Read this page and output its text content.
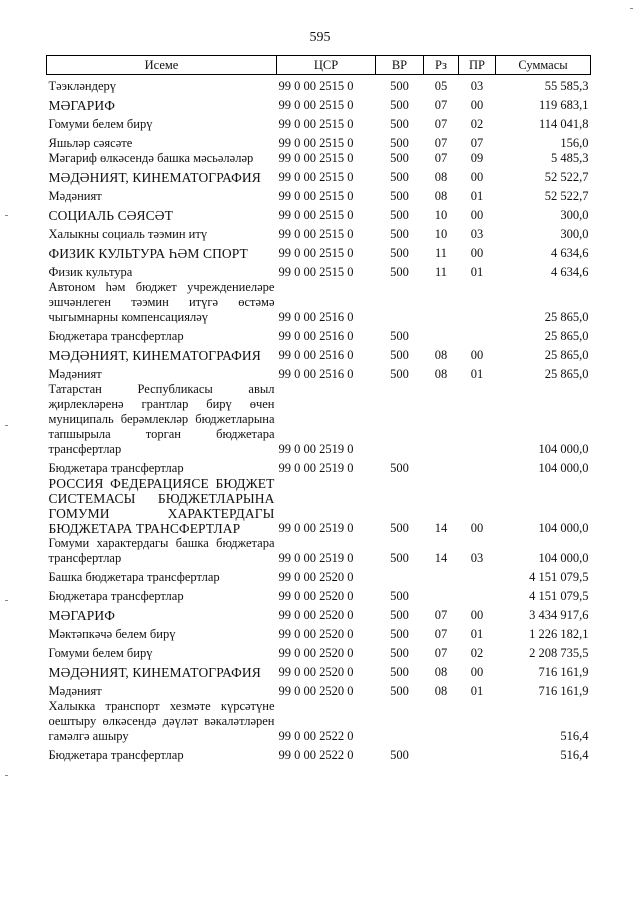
595
Исеме	ЦСР	ВР	Рз	ПР	Суммасы
Тәэкләндерү	99 0 00 2515 0	500	05	03	55 585,3
МӘГАРИФ	99 0 00 2515 0	500	07	00	119 683,1
Гомуми белем бирү	99 0 00 2515 0	500	07	02	114 041,8
Яшьләр сәясәте	99 0 00 2515 0	500	07	07	156,0
Мәгариф өлкәсендә башка мәсьәләләр	99 0 00 2515 0	500	07	09	5 485,3
МӘДӘНИЯТ, КИНЕМАТОГРАФИЯ	99 0 00 2515 0	500	08	00	52 522,7
Мәдәният	99 0 00 2515 0	500	08	01	52 522,7
СОЦИАЛЬ СӘЯСӘТ	99 0 00 2515 0	500	10	00	300,0
Халыкны социаль тәэмин итү	99 0 00 2515 0	500	10	03	300,0
ФИЗИК КУЛЬТУРА ҺӘМ СПОРТ	99 0 00 2515 0	500	11	00	4 634,6
Физик культура	99 0 00 2515 0	500	11	01	4 634,6
Автоном һәм бюджет учреждениеләре эшчәнлеген тәэмин итүгә өстәмә чыгымнарны компенсацияләү	99 0 00 2516 0				25 865,0
Бюджетара трансфертлар	99 0 00 2516 0	500			25 865,0
МӘДӘНИЯТ, КИНЕМАТОГРАФИЯ	99 0 00 2516 0	500	08	00	25 865,0
Мәдәният	99 0 00 2516 0	500	08	01	25 865,0
Татарстан Республикасы авыл җирлекләренә грантлар бирү өчен муниципаль берәмлекләр бюджетларына тапшырыла торган бюджетара трансфертлар	99 0 00 2519 0				104 000,0
Бюджетара трансфертлар	99 0 00 2519 0	500			104 000,0
РОССИЯ ФЕДЕРАЦИЯСЕ БЮДЖЕТ СИСТЕМАСЫ БЮДЖЕТЛАРЫНА ГОМУМИ ХАРАКТЕРДАГЫ БЮДЖЕТАРА ТРАНСФЕРТЛАР	99 0 00 2519 0	500	14	00	104 000,0
Гомуми характердагы башка бюджетара трансфертлар	99 0 00 2519 0	500	14	03	104 000,0
Башка бюджетара трансфертлар	99 0 00 2520 0				4 151 079,5
Бюджетара трансфертлар	99 0 00 2520 0	500			4 151 079,5
МӘГАРИФ	99 0 00 2520 0	500	07	00	3 434 917,6
Мәктәпкәчә белем бирү	99 0 00 2520 0	500	07	01	1 226 182,1
Гомуми белем бирү	99 0 00 2520 0	500	07	02	2 208 735,5
МӘДӘНИЯТ, КИНЕМАТОГРАФИЯ	99 0 00 2520 0	500	08	00	716 161,9
Мәдәният	99 0 00 2520 0	500	08	01	716 161,9
Халыкка транспорт хезмәте күрсәтүне оештыру өлкәсендә дәүләт вәкаләтләрен гамәлгә ашыру	99 0 00 2522 0				516,4
Бюджетара трансфертлар	99 0 00 2522 0	500			516,4
